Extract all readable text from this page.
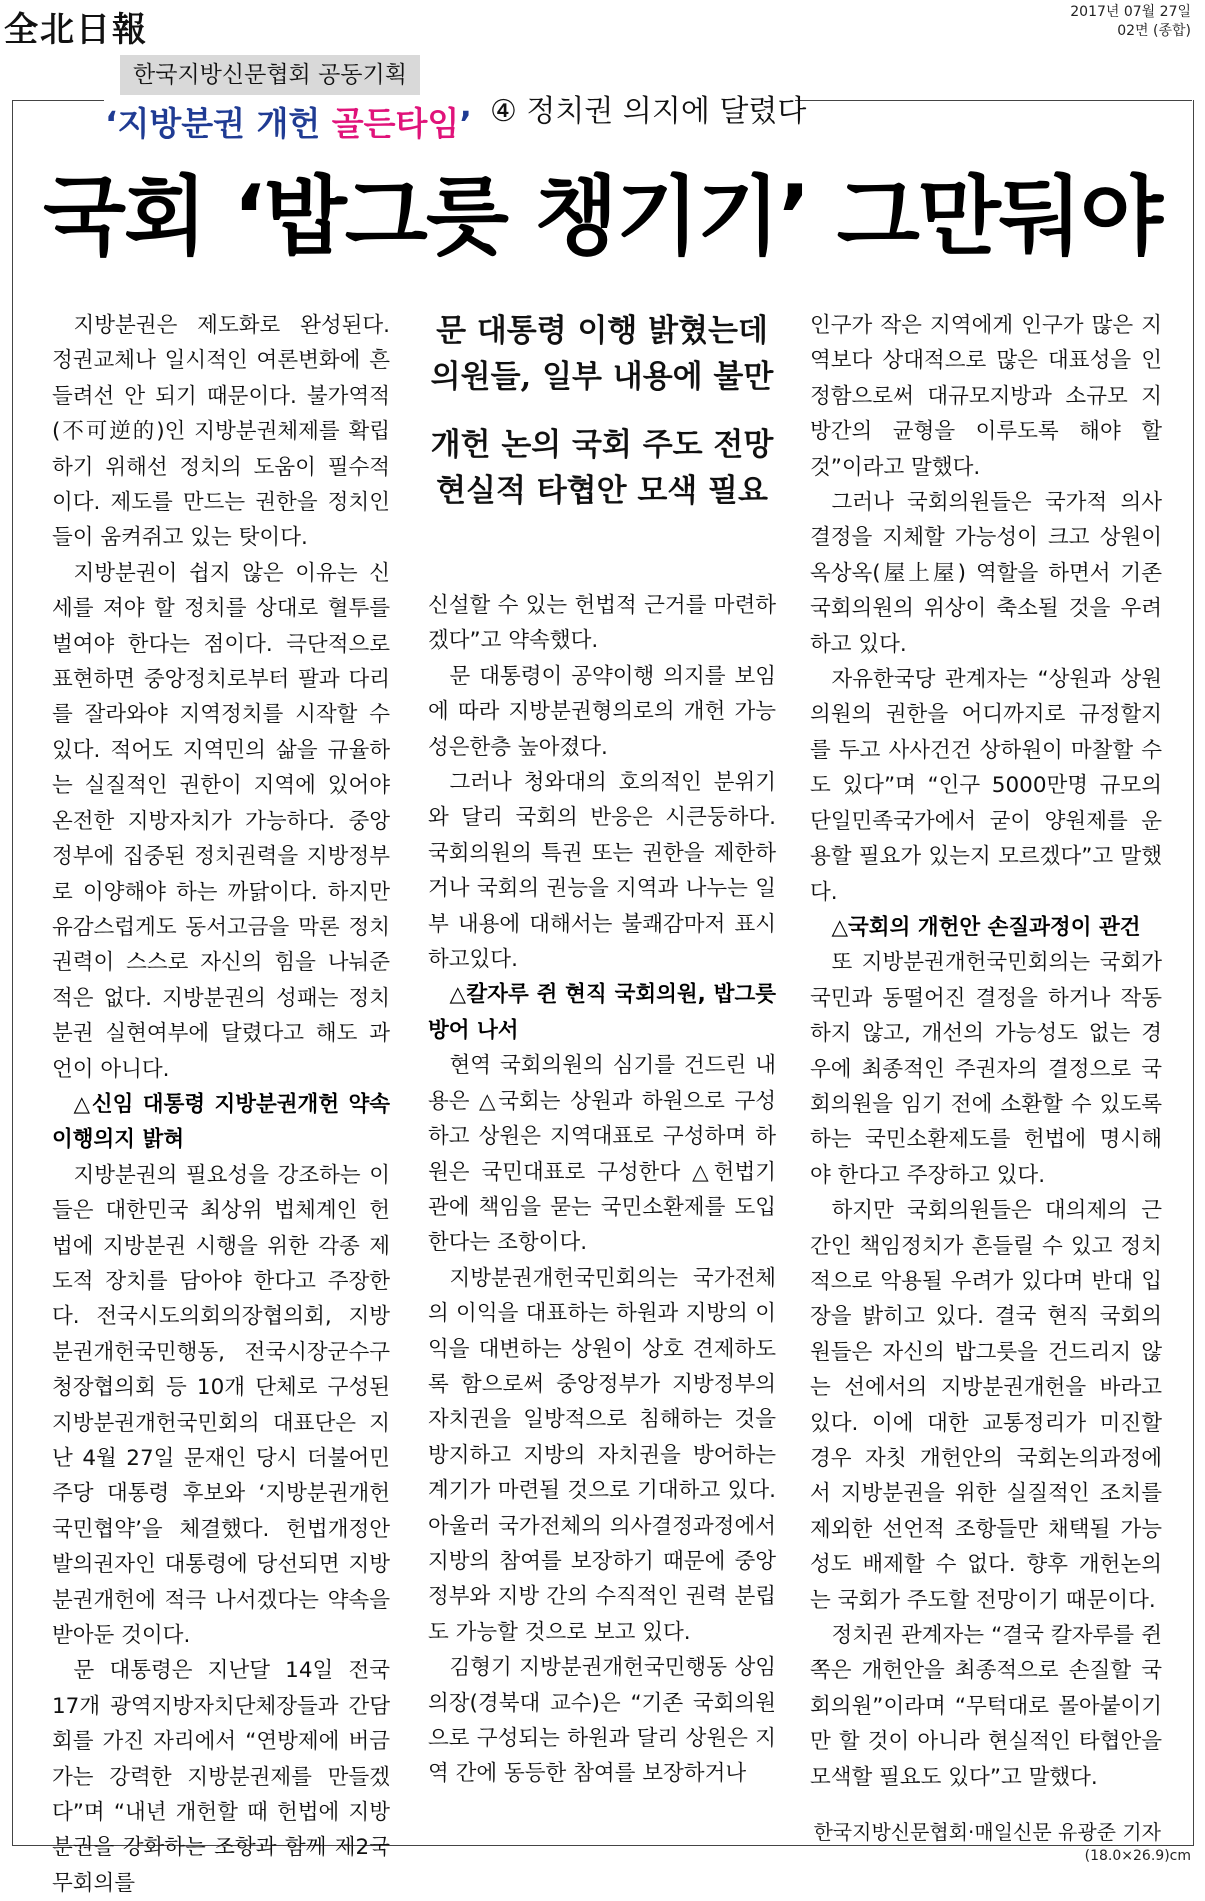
全北日報	2017년 07월 27일
02면 (종합)
한국지방신문협회 공동기획
‘지방분권 개헌 골든타임’ ④ 정치권 의지에 달렸다
국회 ‘밥그릇 챙기기’ 그만둬야
문 대통령 이행 밝혔는데
의원들, 일부 내용에 불만
개헌 논의 국회 주도 전망
현실적 타협안 모색 필요

지방분권은 제도화로 완성된다. 정권교체나 일시적인 여론변화에 흔들려선 안 되기 때문이다. 불가역적(不可逆的)인 지방분권체제를 확립하기 위해선 정치의 도움이 필수적이다. 제도를 만드는 권한을 정치인들이 움켜쥐고 있는 탓이다.

지방분권이 쉽지 않은 이유는 신세를 져야 할 정치를 상대로 혈투를 벌여야 한다는 점이다. 극단적으로 표현하면 중앙정치로부터 팔과 다리를 잘라와야 지역정치를 시작할 수 있다. 적어도 지역민의 삶을 규율하는 실질적인 권한이 지역에 있어야 온전한 지방자치가 가능하다. 중앙정부에 집중된 정치권력을 지방정부로 이양해야 하는 까닭이다. 하지만 유감스럽게도 동서고금을 막론 정치권력이 스스로 자신의 힘을 나눠준 적은 없다. 지방분권의 성패는 정치분권 실현여부에 달렸다고 해도 과언이 아니다.

△신임 대통령 지방분권개헌 약속 이행의지 밝혀

지방분권의 필요성을 강조하는 이들은 대한민국 최상위 법체계인 헌법에 지방분권 시행을 위한 각종 제도적 장치를 담아야 한다고 주장한다. 전국시도의회의장협의회, 지방분권개헌국민행동, 전국시장군수구청장협의회 등 10개 단체로 구성된 지방분권개헌국민회의 대표단은 지난 4월 27일 문재인 당시 더불어민주당 대통령 후보와 ‘지방분권개헌 국민협약’을 체결했다. 헌법개정안 발의권자인 대통령에 당선되면 지방분권개헌에 적극 나서겠다는 약속을 받아둔 것이다.

문 대통령은 지난달 14일 전국 17개 광역지방자치단체장들과 간담회를 가진 자리에서 “연방제에 버금가는 강력한 지방분권제를 만들겠다”며 “내년 개헌할 때 헌법에 지방분권을 강화하는 조항과 함께 제2국무회의를

신설할 수 있는 헌법적 근거를 마련하겠다”고 약속했다.

문 대통령이 공약이행 의지를 보임에 따라 지방분권형의로의 개헌 가능성은한층 높아졌다.

그러나 청와대의 호의적인 분위기와 달리 국회의 반응은 시큰둥하다. 국회의원의 특권 또는 권한을 제한하거나 국회의 권능을 지역과 나누는 일부 내용에 대해서는 불쾌감마저 표시하고있다.

△칼자루 쥔 현직 국회의원, 밥그릇 방어 나서

현역 국회의원의 심기를 건드린 내용은 △국회는 상원과 하원으로 구성하고 상원은 지역대표로 구성하며 하원은 국민대표로 구성한다 △헌법기관에 책임을 묻는 국민소환제를 도입한다는 조항이다.

지방분권개헌국민회의는 국가전체의 이익을 대표하는 하원과 지방의 이익을 대변하는 상원이 상호 견제하도록 함으로써 중앙정부가 지방정부의 자치권을 일방적으로 침해하는 것을 방지하고 지방의 자치권을 방어하는 계기가 마련될 것으로 기대하고 있다. 아울러 국가전체의 의사결정과정에서 지방의 참여를 보장하기 때문에 중앙정부와 지방 간의 수직적인 권력 분립도 가능할 것으로 보고 있다.

김형기 지방분권개헌국민행동 상임의장(경북대 교수)은 “기존 국회의원으로 구성되는 하원과 달리 상원은 지역 간에 동등한 참여를 보장하거나

인구가 작은 지역에게 인구가 많은 지역보다 상대적으로 많은 대표성을 인정함으로써 대규모지방과 소규모 지방간의 균형을 이루도록 해야 할 것”이라고 말했다.

그러나 국회의원들은 국가적 의사결정을 지체할 가능성이 크고 상원이 옥상옥(屋上屋) 역할을 하면서 기존 국회의원의 위상이 축소될 것을 우려하고 있다.

자유한국당 관계자는 “상원과 상원의원의 권한을 어디까지로 규정할지를 두고 사사건건 상하원이 마찰할 수도 있다”며 “인구 5000만명 규모의 단일민족국가에서 굳이 양원제를 운용할 필요가 있는지 모르겠다”고 말했다.

△국회의 개헌안 손질과정이 관건

또 지방분권개헌국민회의는 국회가 국민과 동떨어진 결정을 하거나 작동하지 않고, 개선의 가능성도 없는 경우에 최종적인 주권자의 결정으로 국회의원을 임기 전에 소환할 수 있도록 하는 국민소환제도를 헌법에 명시해야 한다고 주장하고 있다.

하지만 국회의원들은 대의제의 근간인 책임정치가 흔들릴 수 있고 정치적으로 악용될 우려가 있다며 반대 입장을 밝히고 있다. 결국 현직 국회의원들은 자신의 밥그릇을 건드리지 않는 선에서의 지방분권개헌을 바라고 있다. 이에 대한 교통정리가 미진할 경우 자칫 개헌안의 국회논의과정에서 지방분권을 위한 실질적인 조치를 제외한 선언적 조항들만 채택될 가능성도 배제할 수 없다. 향후 개헌논의는 국회가 주도할 전망이기 때문이다.

정치권 관계자는 “결국 칼자루를 쥔 쪽은 개헌안을 최종적으로 손질할 국회의원”이라며 “무턱대로 몰아붙이기만 할 것이 아니라 현실적인 타협안을 모색할 필요도 있다”고 말했다.

한국지방신문협회·매일신문 유광준 기자
(18.0×26.9)cm
